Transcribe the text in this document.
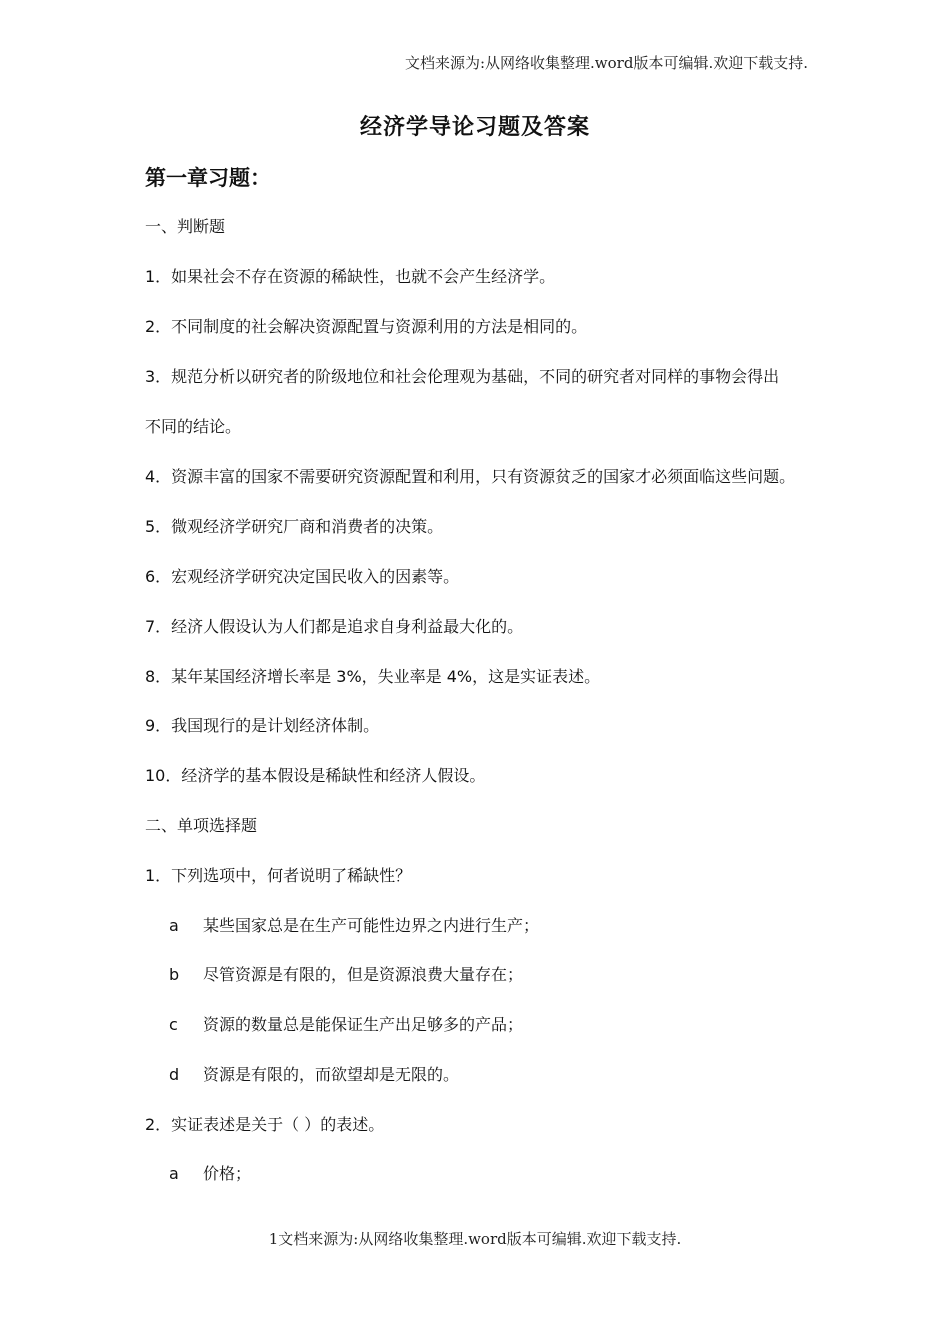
文档来源为:从网络收集整理.word版本可编辑.欢迎下载支持.
经济学导论习题及答案
第一章习题：
一、判断题
1．如果社会不存在资源的稀缺性，也就不会产生经济学。
2．不同制度的社会解决资源配置与资源利用的方法是相同的。
3．规范分析以研究者的阶级地位和社会伦理观为基础，不同的研究者对同样的事物会得出
不同的结论。
4．资源丰富的国家不需要研究资源配置和利用，只有资源贫乏的国家才必须面临这些问题。
5．微观经济学研究厂商和消费者的决策。
6．宏观经济学研究决定国民收入的因素等。
7．经济人假设认为人们都是追求自身利益最大化的。
8．某年某国经济增长率是 3%，失业率是 4%，这是实证表述。
9．我国现行的是计划经济体制。
10．经济学的基本假设是稀缺性和经济人假设。
二、单项选择题
1．下列选项中，何者说明了稀缺性？
a 某些国家总是在生产可能性边界之内进行生产；
b 尽管资源是有限的，但是资源浪费大量存在；
c 资源的数量总是能保证生产出足够多的产品；
d 资源是有限的，而欲望却是无限的。
2．实证表述是关于（ ）的表述。
a 价格；
1文档来源为:从网络收集整理.word版本可编辑.欢迎下载支持.
